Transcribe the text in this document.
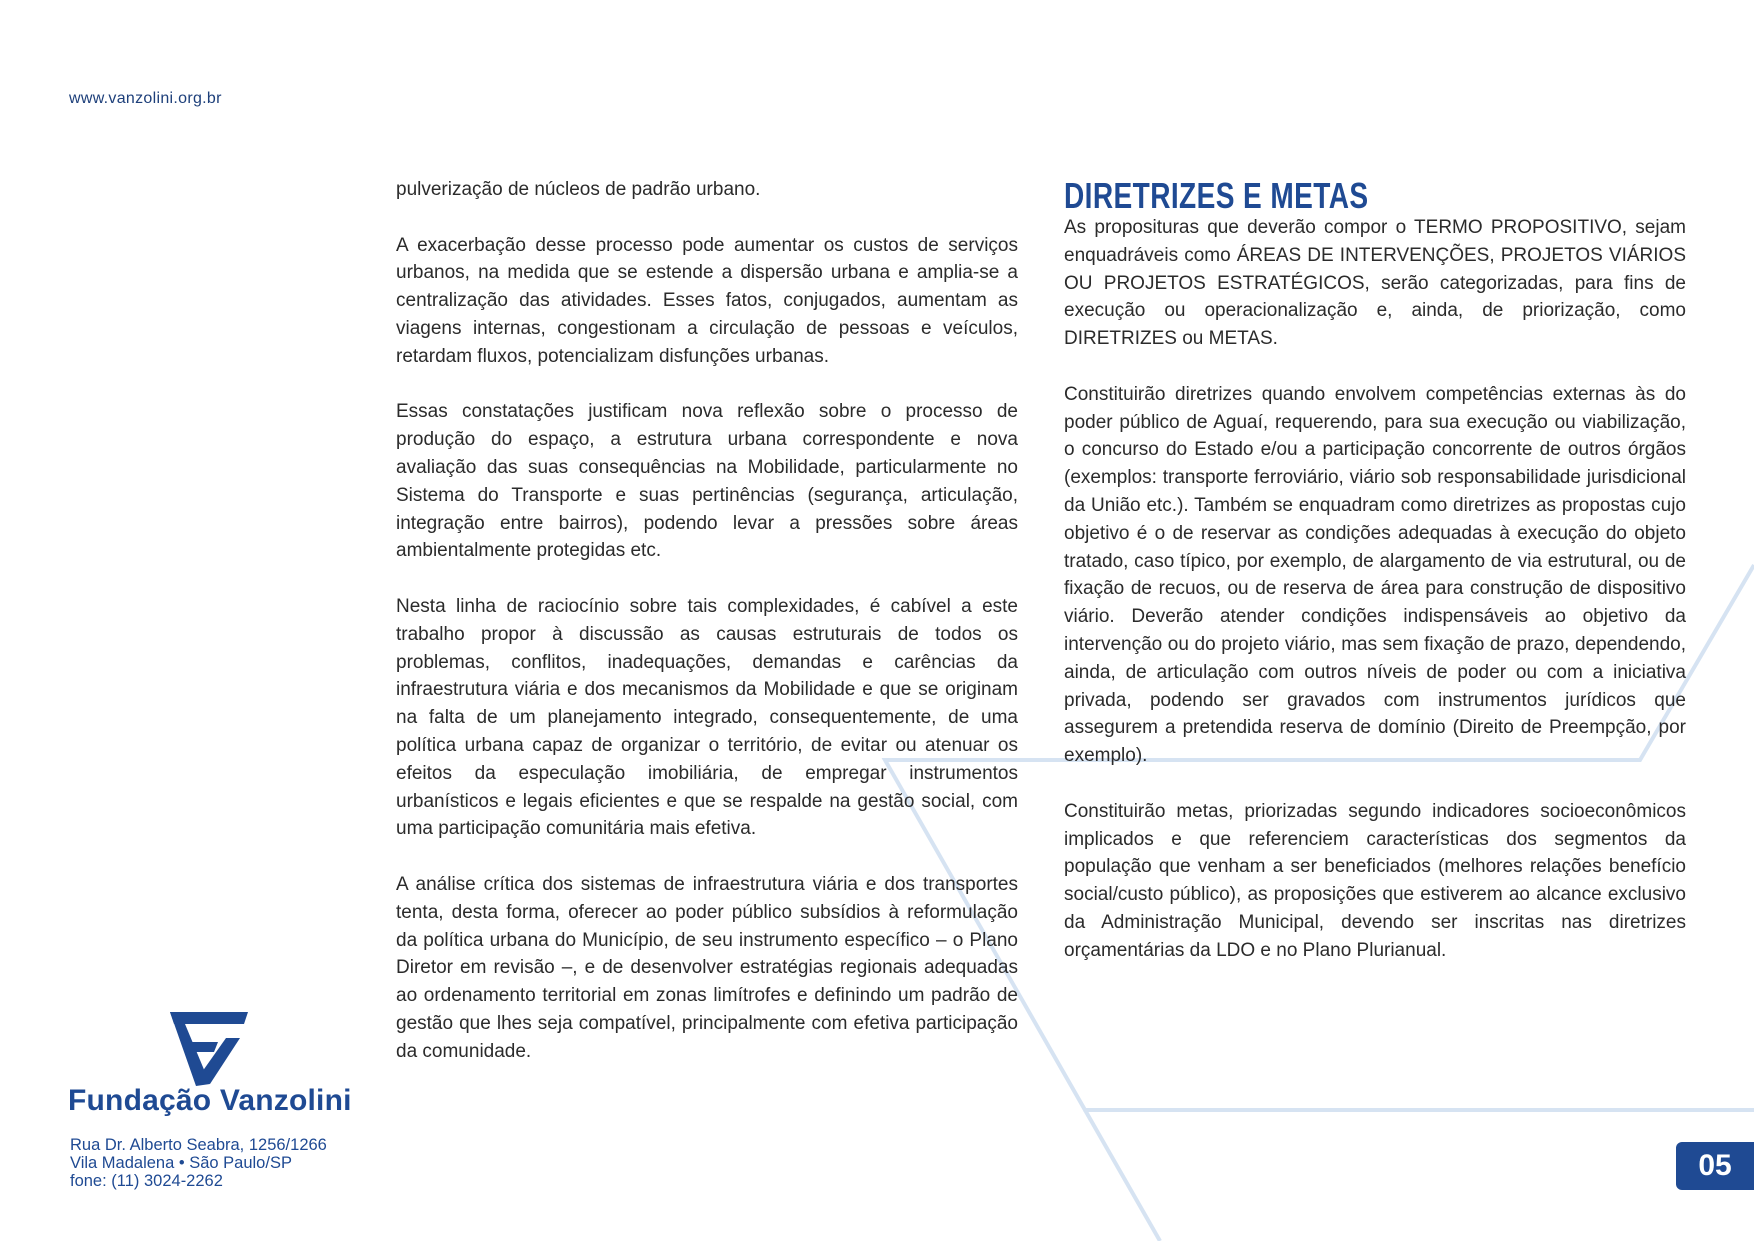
www.vanzolini.org.br

pulverização de núcleos de padrão urbano.

A exacerbação desse processo pode aumentar os custos de serviços urbanos, na medida que se estende a dispersão urbana e amplia-se a centralização das atividades. Esses fatos, conjugados, aumentam as viagens internas, congestionam a circulação de pessoas e veículos, retardam fluxos, potencializam disfunções urbanas.

Essas constatações justificam nova reflexão sobre o processo de produção do espaço, a estrutura urbana correspondente e nova avaliação das suas consequências na Mobilidade, particularmente no Sistema do Transporte e suas pertinências (segurança, articulação, integração entre bairros), podendo levar a pressões sobre áreas ambientalmente protegidas etc.

Nesta linha de raciocínio sobre tais complexidades, é cabível a este trabalho propor à discussão as causas estruturais de todos os problemas, conflitos, inadequações, demandas e carências da infraestrutura viária e dos mecanismos da Mobilidade e que se originam na falta de um planejamento integrado, consequentemente, de uma política urbana capaz de organizar o território, de evitar ou atenuar os efeitos da especulação imobiliária, de empregar instrumentos urbanísticos e legais eficientes e que se respalde na gestão social, com uma participação comunitária mais efetiva.

A análise crítica dos sistemas de infraestrutura viária e dos transportes tenta, desta forma, oferecer ao poder público subsídios à reformulação da política urbana do Município, de seu instrumento específico – o Plano Diretor em revisão –, e de desenvolver estratégias regionais adequadas ao ordenamento territorial em zonas limítrofes e definindo um padrão de gestão que lhes seja compatível, principalmente com efetiva participação da comunidade.

DIRETRIZES E METAS

As proposituras que deverão compor o TERMO PROPOSITIVO, sejam enquadráveis como ÁREAS DE INTERVENÇÕES, PROJETOS VIÁRIOS OU PROJETOS ESTRATÉGICOS, serão categorizadas, para fins de execução ou operacionalização e, ainda, de priorização, como DIRETRIZES ou METAS.

Constituirão diretrizes quando envolvem competências externas às do poder público de Aguaí, requerendo, para sua execução ou viabilização, o concurso do Estado e/ou a participação concorrente de outros órgãos (exemplos: transporte ferroviário, viário sob responsabilidade jurisdicional da União etc.). Também se enquadram como diretrizes as propostas cujo objetivo é o de reservar as condições adequadas à execução do objeto tratado, caso típico, por exemplo, de alargamento de via estrutural, ou de fixação de recuos, ou de reserva de área para construção de dispositivo viário. Deverão atender condições indispensáveis ao objetivo da intervenção ou do projeto viário, mas sem fixação de prazo, dependendo, ainda, de articulação com outros níveis de poder ou com a iniciativa privada, podendo ser gravados com instrumentos jurídicos que assegurem a pretendida reserva de domínio (Direito de Preempção, por exemplo).

Constituirão metas, priorizadas segundo indicadores socioeconômicos implicados e que referenciem características dos segmentos da população que venham a ser beneficiados (melhores relações benefício social/custo público), as proposições que estiverem ao alcance exclusivo da Administração Municipal, devendo ser inscritas nas diretrizes orçamentárias da LDO e no Plano Plurianual.

Fundação Vanzolini
Rua Dr. Alberto Seabra, 1256/1266
Vila Madalena • São Paulo/SP
fone: (11) 3024-2262	05
